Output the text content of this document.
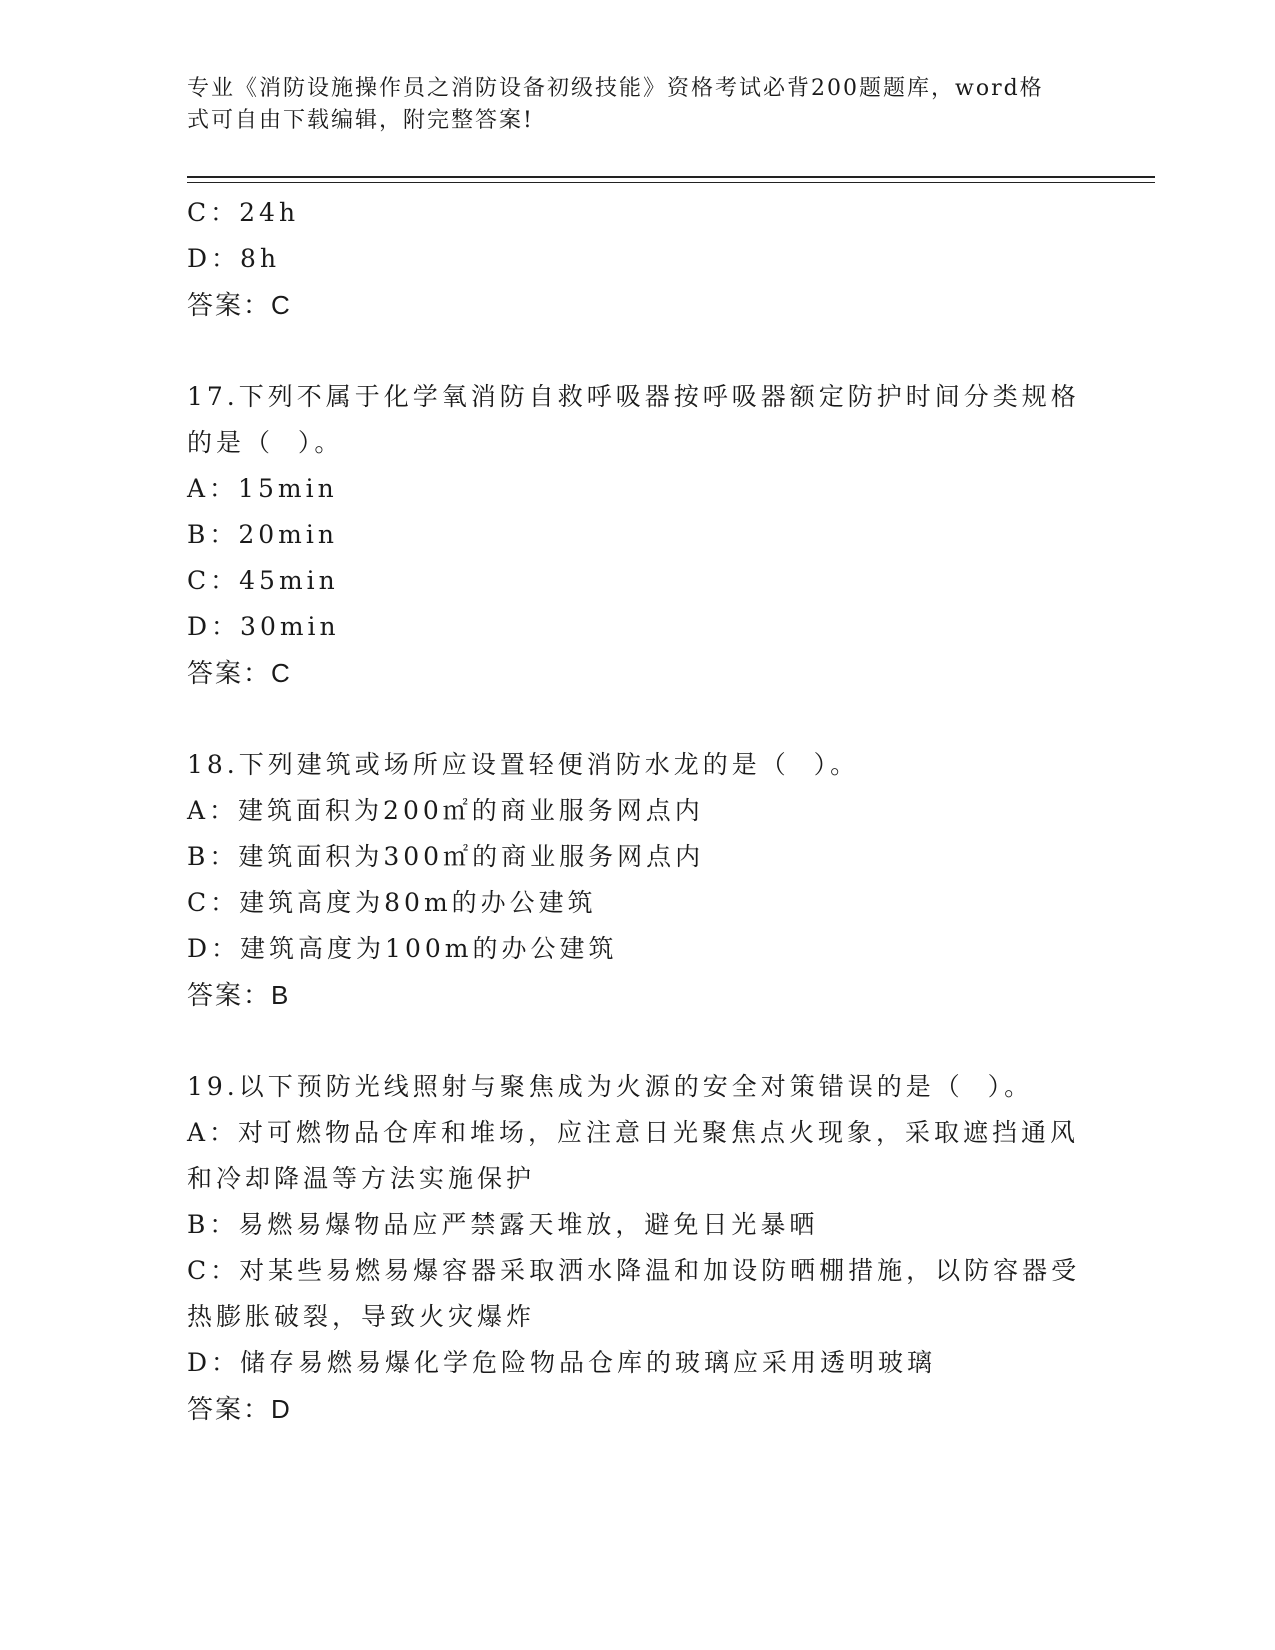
专业《消防设施操作员之消防设备初级技能》资格考试必背200题题库，word格
式可自由下载编辑，附完整答案!
C：24h
D：8h
答案：C
17.下列不属于化学氧消防自救呼吸器按呼吸器额定防护时间分类规格
的是（  ）。
A：15min
B：20min
C：45min
D：30min
答案：C
18.下列建筑或场所应设置轻便消防水龙的是（  ）。
A：建筑面积为200㎡的商业服务网点内
B：建筑面积为300㎡的商业服务网点内
C：建筑高度为80m的办公建筑
D：建筑高度为100m的办公建筑
答案：B
19.以下预防光线照射与聚焦成为火源的安全对策错误的是（  ）。
A：对可燃物品仓库和堆场，应注意日光聚焦点火现象，采取遮挡通风
和冷却降温等方法实施保护
B：易燃易爆物品应严禁露天堆放，避免日光暴晒
C：对某些易燃易爆容器采取洒水降温和加设防晒棚措施，以防容器受
热膨胀破裂，导致火灾爆炸
D：储存易燃易爆化学危险物品仓库的玻璃应采用透明玻璃
答案：D
